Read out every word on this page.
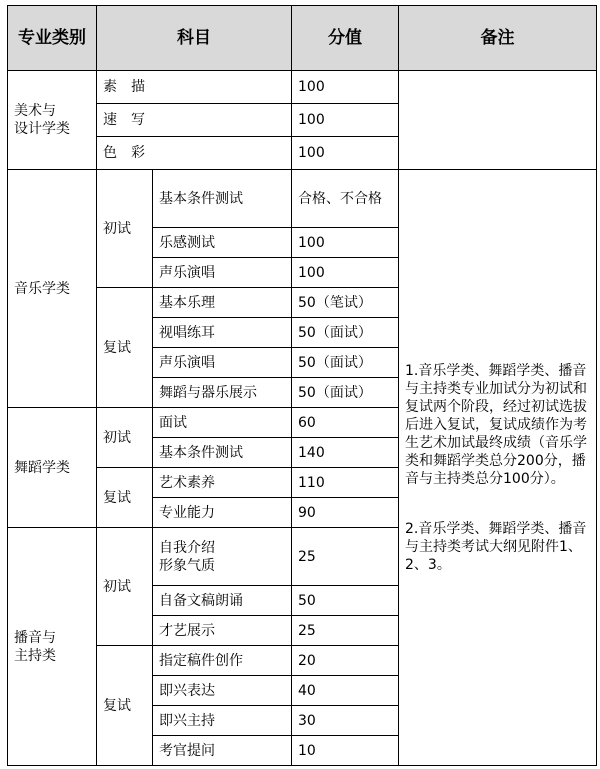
专业类别	科目		分值	备注

美术与
设计学类	素　描		100	
	速　写		100	
	色　彩		100	
音乐学类	初试	基本条件测试	合格、不合格	1.音乐学类、舞蹈学类、播音与主持类专业加试分为初试和复试两个阶段，经过初试选拔后进入复试，复试成绩作为考生艺术加试最终成绩（音乐学类和舞蹈学类总分200分，播音与主持类总分100分）。

2.音乐学类、舞蹈学类、播音与主持类考试大纲见附件1、2、3。

		乐感测试	100	
		声乐演唱	100	
	复试	基本乐理	50（笔试）	
		视唱练耳	50（面试）	
		声乐演唱	50（面试）	
		舞蹈与器乐展示	50（面试）	
舞蹈学类	初试	面试	60	
		基本条件测试	140	
	复试	艺术素养	110	
		专业能力	90	

播音与
主持类	初试	自我介绍
形象气质	25	
		自备文稿朗诵	50	
		才艺展示	25	
	复试	指定稿件创作	20	
		即兴表达	40	
		即兴主持	30	
		考官提问	10	
